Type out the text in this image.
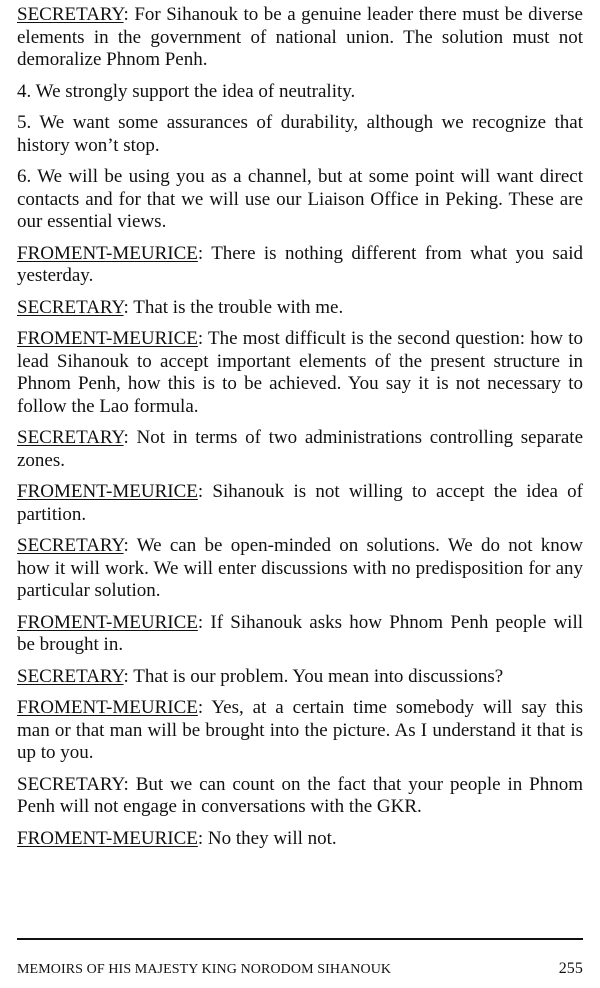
SECRETARY: For Sihanouk to be a genuine leader there must be diverse elements in the government of national union. The solution must not demoralize Phnom Penh.

4. We strongly support the idea of neutrality.

5. We want some assurances of durability, although we recognize that history won’t stop.

6. We will be using you as a channel, but at some point will want direct contacts and for that we will use our Liaison Office in Peking. These are our essential views.

FROMENT-MEURICE: There is nothing different from what you said yesterday.

SECRETARY: That is the trouble with me.

FROMENT-MEURICE: The most difficult is the second question: how to lead Sihanouk to accept important elements of the present structure in Phnom Penh, how this is to be achieved. You say it is not necessary to follow the Lao formula.

SECRETARY: Not in terms of two administrations controlling separate zones.

FROMENT-MEURICE: Sihanouk is not willing to accept the idea of partition.

SECRETARY: We can be open-minded on solutions. We do not know how it will work. We will enter discussions with no predisposition for any particular solution.

FROMENT-MEURICE: If Sihanouk asks how Phnom Penh people will be brought in.

SECRETARY: That is our problem. You mean into discussions?

FROMENT-MEURICE: Yes, at a certain time somebody will say this man or that man will be brought into the picture. As I understand it that is up to you.

SECRETARY: But we can count on the fact that your people in Phnom Penh will not engage in conversations with the GKR.

FROMENT-MEURICE: No they will not.

MEMOIRS OF HIS MAJESTY KING NORODOM SIHANOUK	255
